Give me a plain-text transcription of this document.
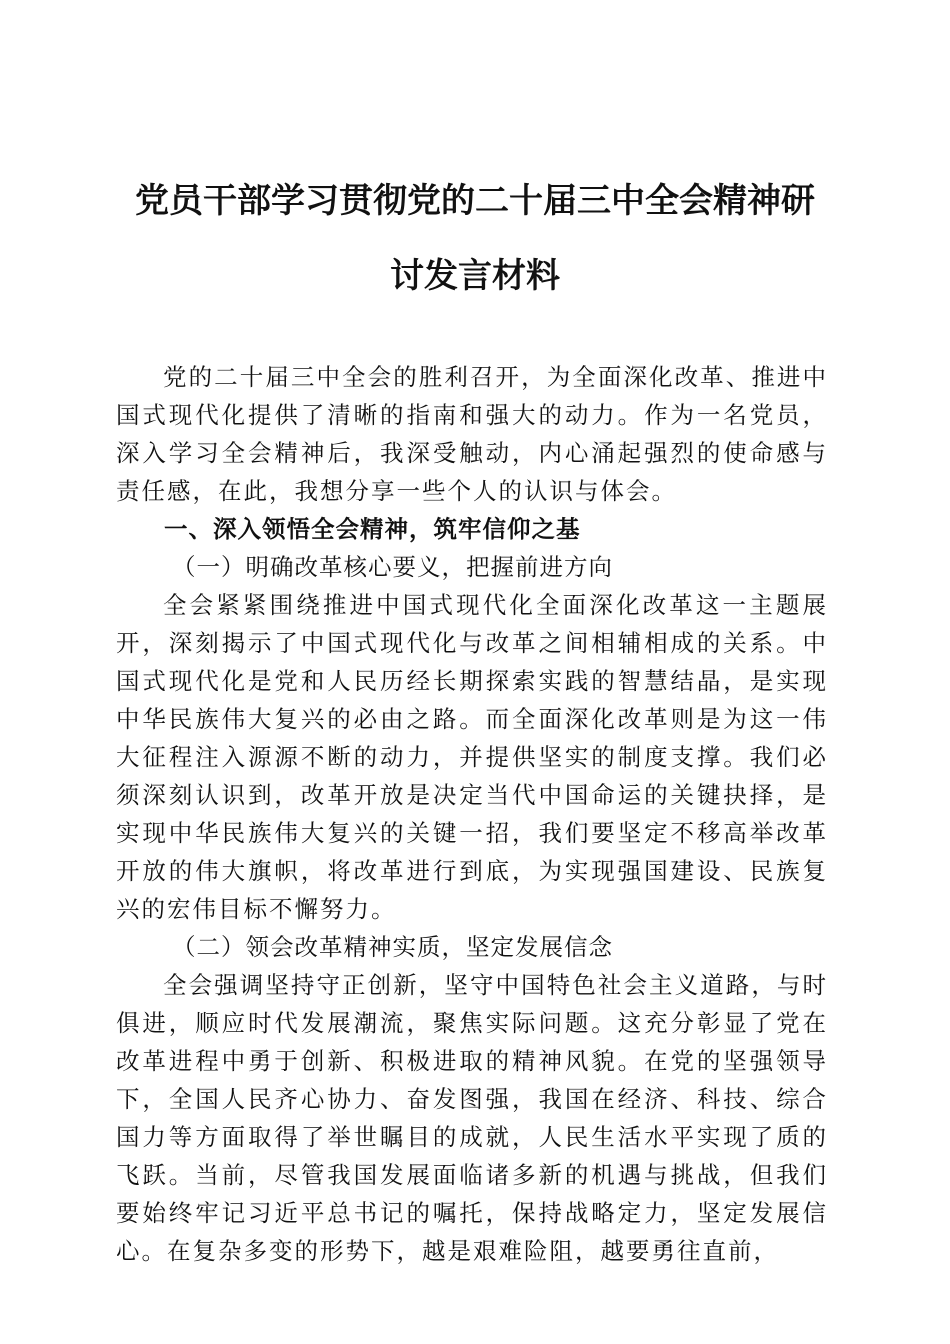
党员干部学习贯彻党的二十届三中全会精神研
讨发言材料

党的二十届三中全会的胜利召开，为全面深化改革、推进中国式现代化提供了清晰的指南和强大的动力。作为一名党员，深入学习全会精神后，我深受触动，内心涌起强烈的使命感与责任感，在此，我想分享一些个人的认识与体会。

一、深入领悟全会精神，筑牢信仰之基

（一）明确改革核心要义，把握前进方向

全会紧紧围绕推进中国式现代化全面深化改革这一主题展开，深刻揭示了中国式现代化与改革之间相辅相成的关系。中国式现代化是党和人民历经长期探索实践的智慧结晶，是实现中华民族伟大复兴的必由之路。而全面深化改革则是为这一伟大征程注入源源不断的动力，并提供坚实的制度支撑。我们必须深刻认识到，改革开放是决定当代中国命运的关键抉择，是实现中华民族伟大复兴的关键一招，我们要坚定不移高举改革开放的伟大旗帜，将改革进行到底，为实现强国建设、民族复兴的宏伟目标不懈努力。

（二）领会改革精神实质，坚定发展信念

全会强调坚持守正创新，坚守中国特色社会主义道路，与时俱进，顺应时代发展潮流，聚焦实际问题。这充分彰显了党在改革进程中勇于创新、积极进取的精神风貌。在党的坚强领导下，全国人民齐心协力、奋发图强，我国在经济、科技、综合国力等方面取得了举世瞩目的成就，人民生活水平实现了质的飞跃。当前，尽管我国发展面临诸多新的机遇与挑战，但我们要始终牢记习近平总书记的嘱托，保持战略定力，坚定发展信心。在复杂多变的形势下，越是艰难险阻，越要勇往直前，
